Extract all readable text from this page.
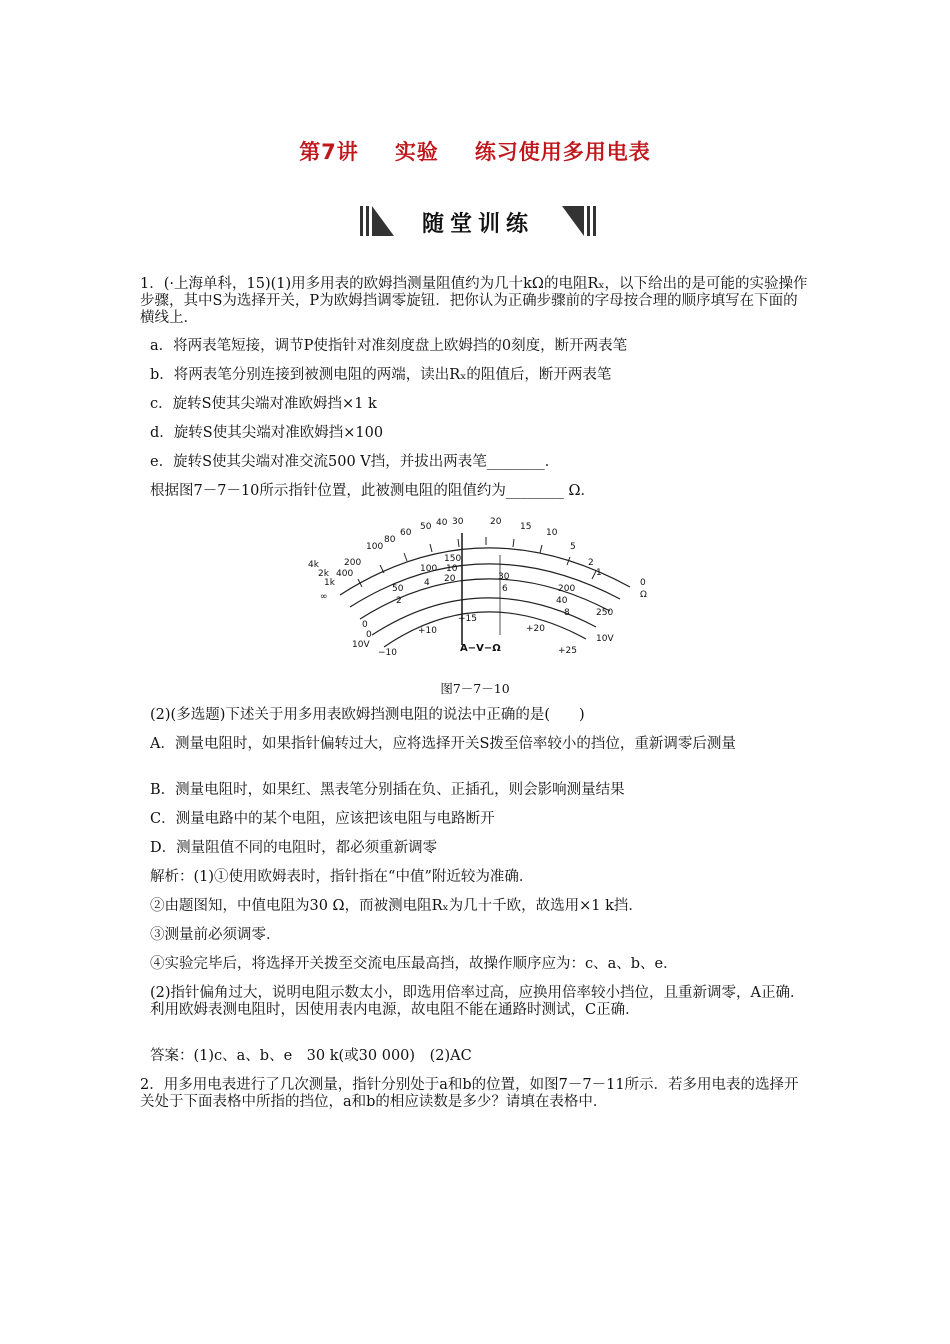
第7讲 实验 练习使用多用电表
随堂训练
1．(·上海单科，15)(1)用多用表的欧姆挡测量阻值约为几十kΩ的电阻Rₓ，以下给出的是可能的实验操作步骤，其中S为选择开关，P为欧姆挡调零旋钮．把你认为正确步骤前的字母按合理的顺序填写在下面的横线上．
a．将两表笔短接，调节P使指针对准刻度盘上欧姆挡的0刻度，断开两表笔
b．将两表笔分别连接到被测电阻的两端，读出Rₓ的阻值后，断开两表笔
c．旋转S使其尖端对准欧姆挡×1 k
d．旋转S使其尖端对准欧姆挡×100
e．旋转S使其尖端对准交流500 V挡，并拔出两表笔________．
根据图7－7－10所示指针位置，此被测电阻的阻值约为________ Ω．
4k
2k
1k
400
200
100
80
60
50 40 30	20 15
10
5
2
1
0
Ω
∞
0
50
100
150
200
250
10
20	30
40
10V
10V
−10
+10
+15
+20
+25
0
2
4
6
8
A−V−Ω
图7－7－10
(2)(多选题)下述关于用多用表欧姆挡测电阻的说法中正确的是(　　)
A．测量电阻时，如果指针偏转过大，应将选择开关S拨至倍率较小的挡位，重新调零后测量
B．测量电阻时，如果红、黑表笔分别插在负、正插孔，则会影响测量结果
C．测量电路中的某个电阻，应该把该电阻与电路断开
D．测量阻值不同的电阻时，都必须重新调零
解析：(1)①使用欧姆表时，指针指在“中值”附近较为准确．
②由题图知，中值电阻为30 Ω，而被测电阻Rₓ为几十千欧，故选用×1 k挡．
③测量前必须调零．
④实验完毕后，将选择开关拨至交流电压最高挡，故操作顺序应为：c、a、b、e．
(2)指针偏角过大，说明电阻示数太小，即选用倍率过高，应换用倍率较小挡位，且重新调零，A正确．利用欧姆表测电阻时，因使用表内电源，故电阻不能在通路时测试，C正确．
答案：(1)c、a、b、e　30 k(或30 000)　(2)AC
2．用多用电表进行了几次测量，指针分别处于a和b的位置，如图7－7－11所示．若多用电表的选择开关处于下面表格中所指的挡位，a和b的相应读数是多少？请填在表格中．
